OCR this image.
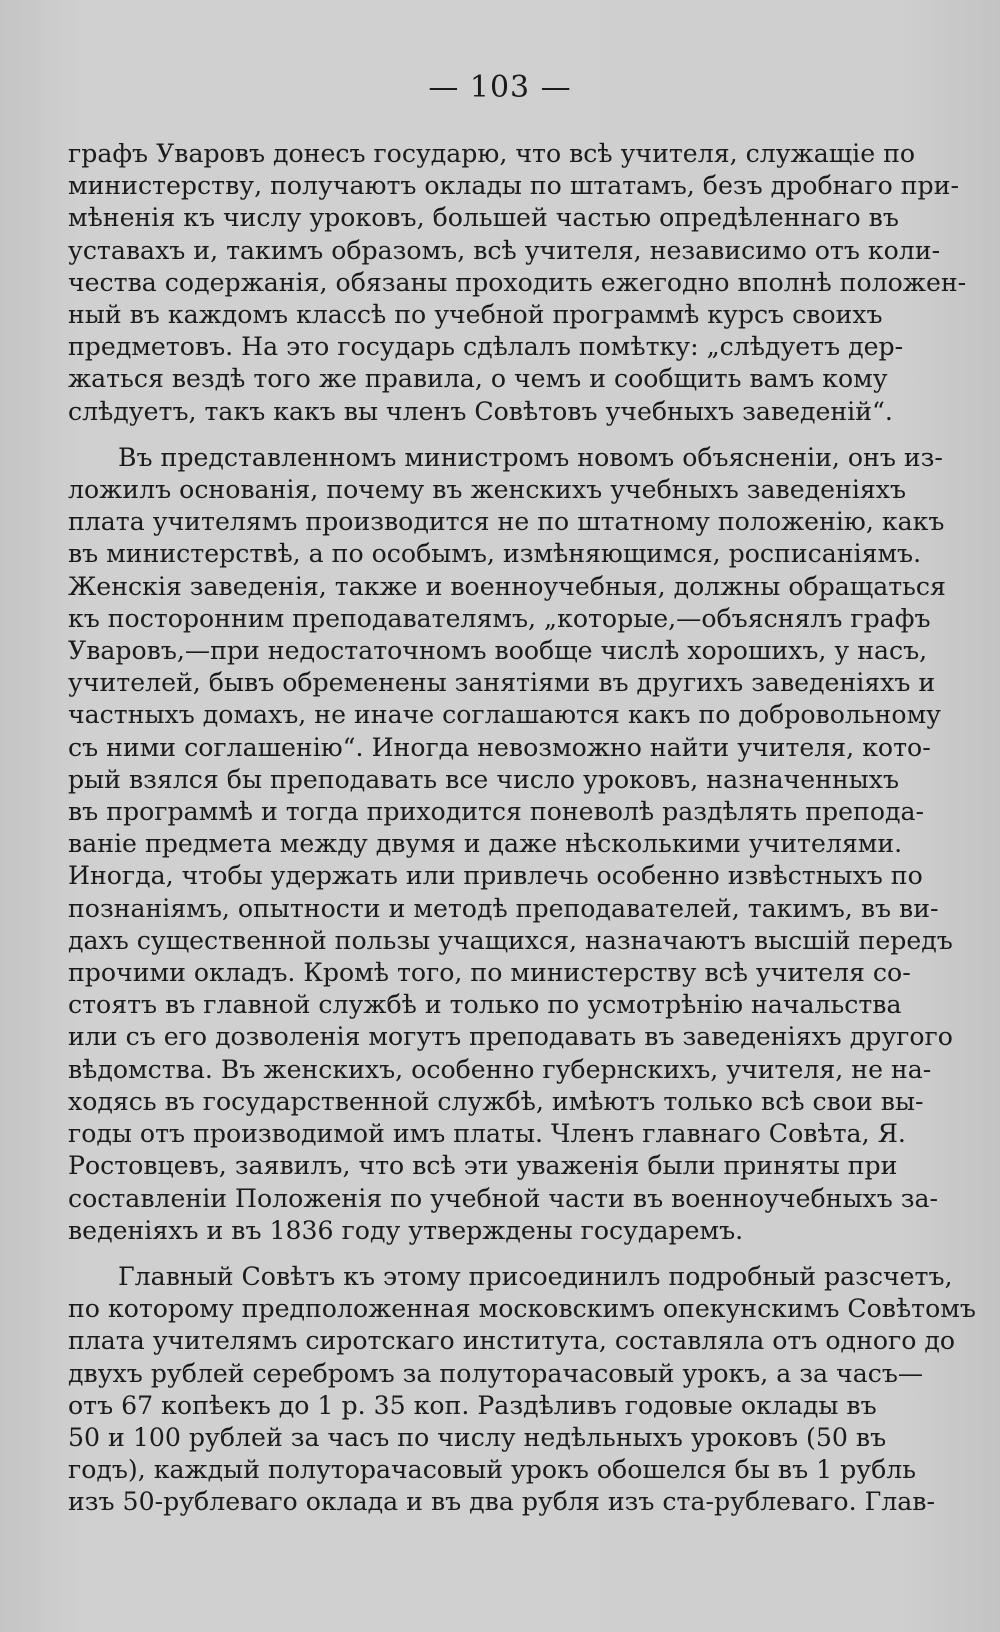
— 103 —
графъ Уваровъ донесъ государю, что всѣ учителя, служащіе по
министерству, получаютъ оклады по штатамъ, безъ дробнаго при-
мѣненія къ числу уроковъ, большей частью опредѣленнаго въ
уставахъ и, такимъ образомъ, всѣ учителя, независимо отъ коли-
чества содержанія, обязаны проходить ежегодно вполнѣ положен-
ный въ каждомъ классѣ по учебной программѣ курсъ своихъ
предметовъ. На это государь сдѣлалъ помѣтку: „слѣдуетъ дер-
жаться вездѣ того же правила, о чемъ и сообщить вамъ кому
слѣдуетъ, такъ какъ вы членъ Совѣтовъ учебныхъ заведеній“.
Въ представленномъ министромъ новомъ объясненіи, онъ из-
ложилъ основанія, почему въ женскихъ учебныхъ заведеніяхъ
плата учителямъ производится не по штатному положенію, какъ
въ министерствѣ, а по особымъ, измѣняющимся, росписаніямъ.
Женскія заведенія, также и военноучебныя, должны обращаться
къ посторонним преподавателямъ, „которые,—объяснялъ графъ
Уваровъ,—при недостаточномъ вообще числѣ хорошихъ, у насъ,
учителей, бывъ обременены занятіями въ другихъ заведеніяхъ и
частныхъ домахъ, не иначе соглашаются какъ по добровольному
съ ними соглашенію“. Иногда невозможно найти учителя, кото-
рый взялся бы преподавать все число уроковъ, назначенныхъ
въ программѣ и тогда приходится поневолѣ раздѣлять препода-
ваніе предмета между двумя и даже нѣсколькими учителями.
Иногда, чтобы удержать или привлечь особенно извѣстныхъ по
познаніямъ, опытности и методѣ преподавателей, такимъ, въ ви-
дахъ существенной пользы учащихся, назначаютъ высшій передъ
прочими окладъ. Кромѣ того, по министерству всѣ учителя со-
стоятъ въ главной службѣ и только по усмотрѣнію начальства
или съ его дозволенія могутъ преподавать въ заведеніяхъ другого
вѣдомства. Въ женскихъ, особенно губернскихъ, учителя, не на-
ходясь въ государственной службѣ, имѣютъ только всѣ свои вы-
годы отъ производимой имъ платы. Членъ главнаго Совѣта, Я.
Ростовцевъ, заявилъ, что всѣ эти уваженія были приняты при
составленіи Положенія по учебной части въ военноучебныхъ за-
веденіяхъ и въ 1836 году утверждены государемъ.
Главный Совѣтъ къ этому присоединилъ подробный разсчетъ,
по которому предположенная московскимъ опекунскимъ Совѣтомъ
плата учителямъ сиротскаго института, составляла отъ одного до
двухъ рублей серебромъ за полуторачасовый урокъ, а за часъ—
отъ 67 копѣекъ до 1 р. 35 коп. Раздѣливъ годовые оклады въ
50 и 100 рублей за часъ по числу недѣльныхъ уроковъ (50 въ
годъ), каждый полуторачасовый урокъ обошелся бы въ 1 рубль
изъ 50-рублеваго оклада и въ два рубля изъ ста-рублеваго. Глав-
